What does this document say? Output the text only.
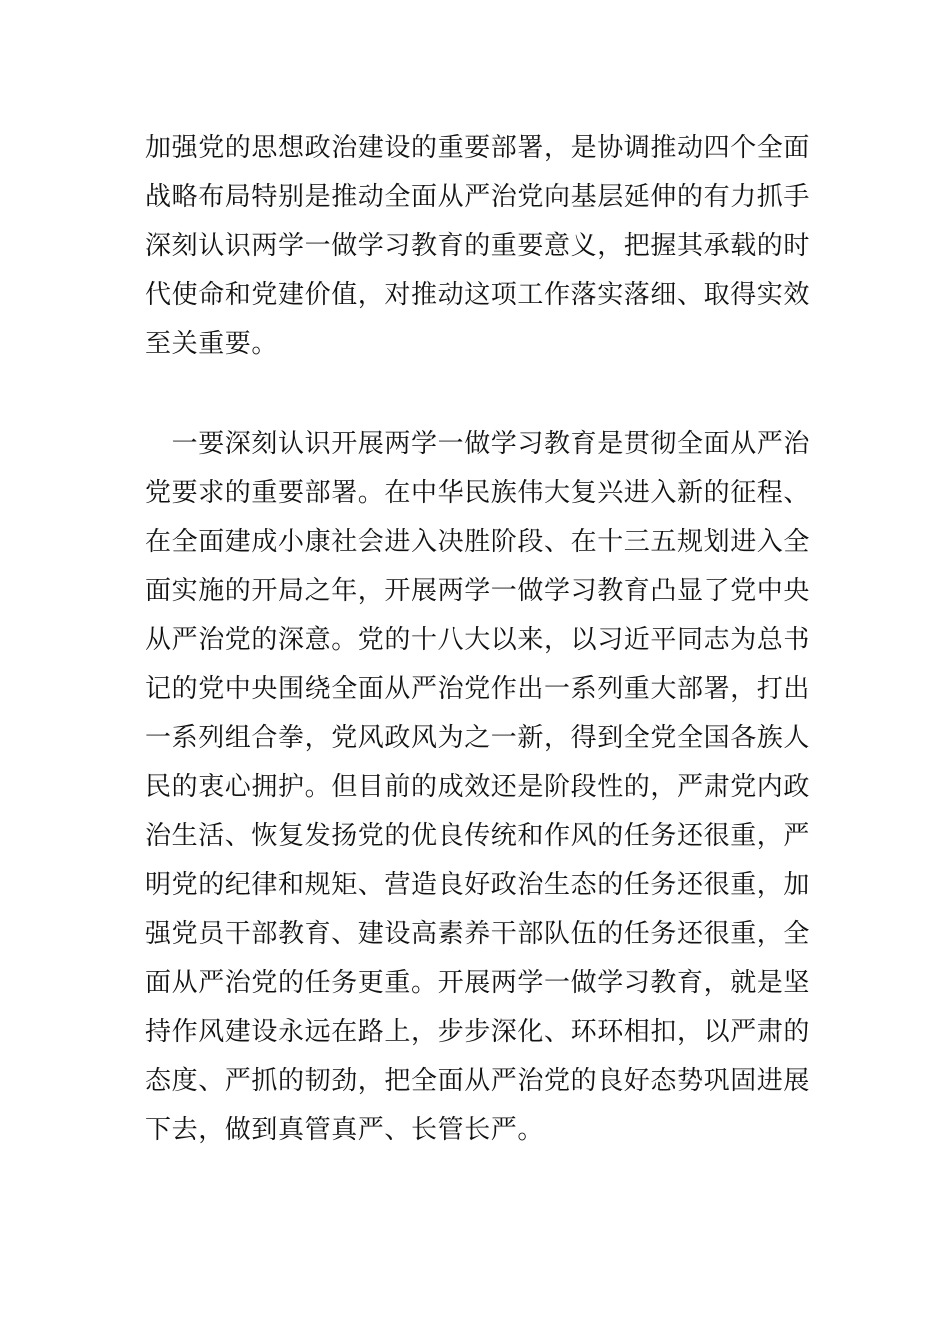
加强党的思想政治建设的重要部署，是协调推动四个全面
战略布局特别是推动全面从严治党向基层延伸的有力抓手
深刻认识两学一做学习教育的重要意义，把握其承载的时
代使命和党建价值，对推动这项工作落实落细、取得实效
至关重要。
　一要深刻认识开展两学一做学习教育是贯彻全面从严治
党要求的重要部署。在中华民族伟大复兴进入新的征程、
在全面建成小康社会进入决胜阶段、在十三五规划进入全
面实施的开局之年，开展两学一做学习教育凸显了党中央
从严治党的深意。党的十八大以来，以习近平同志为总书
记的党中央围绕全面从严治党作出一系列重大部署，打出
一系列组合拳，党风政风为之一新，得到全党全国各族人
民的衷心拥护。但目前的成效还是阶段性的，严肃党内政
治生活、恢复发扬党的优良传统和作风的任务还很重，严
明党的纪律和规矩、营造良好政治生态的任务还很重，加
强党员干部教育、建设高素养干部队伍的任务还很重，全
面从严治党的任务更重。开展两学一做学习教育，就是坚
持作风建设永远在路上，步步深化、环环相扣，以严肃的
态度、严抓的韧劲，把全面从严治党的良好态势巩固进展
下去，做到真管真严、长管长严。
